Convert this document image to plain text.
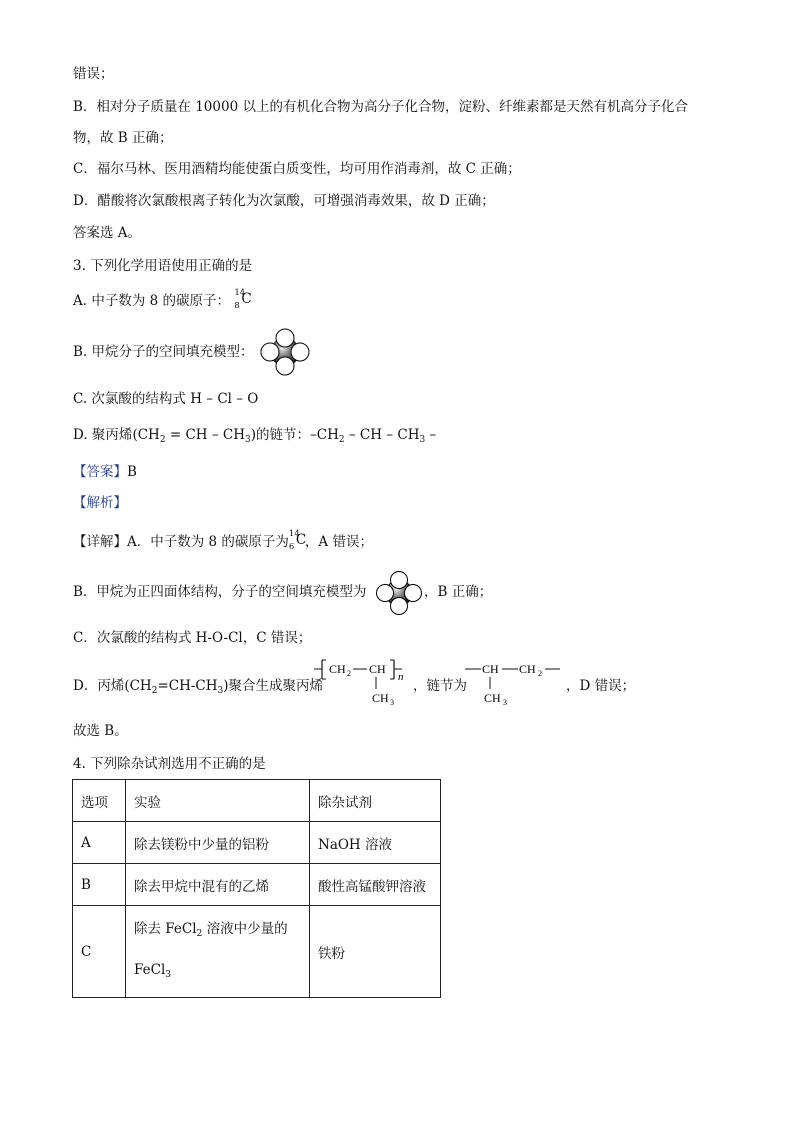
错误；
B．相对分子质量在 10000 以上的有机化合物为高分子化合物，淀粉、纤维素都是天然有机高分子化合
物，故 B 正确；
C．福尔马林、医用酒精均能使蛋白质变性，均可用作消毒剂，故 C 正确；
D．醋酸将次氯酸根离子转化为次氯酸，可增强消毒效果，故 D 正确；
答案选 A。
3. 下列化学用语使用正确的是
A. 中子数为 8 的碳原子： 14
8 C
B. 甲烷分子的空间填充模型：
C. 次氯酸的结构式 H – Cl – O
D. 聚丙烯($CH_2$ = CH – $CH_3$)的链节：$-CH_2$ – CH – $CH_3$ –
【答案】B
【解析】
【详解】A．中子数为 8 的碳原子为 14
6 C
，A 错误；
B．甲烷为正四面体结构，分子的空间填充模型为	，B 正确；
C．次氯酸的结构式 H-O-Cl，C 错误；
D．丙烯$(CH_2=CH-CH_3)$聚合生成聚丙烯
CH 2 CH
n
CH 3
，链节为
CH CH 2
CH 3
，D 错误；
故选 B。
4. 下列除杂试剂选用不正确的是
选项	实验	除杂试剂
A	除去镁粉中少量的铝粉	NaOH 溶液
B	除去甲烷中混有的乙烯	酸性高锰酸钾溶液
C	除去 FeCl$_2$ 溶液中少量的
FeCl$_3$	铁粉
